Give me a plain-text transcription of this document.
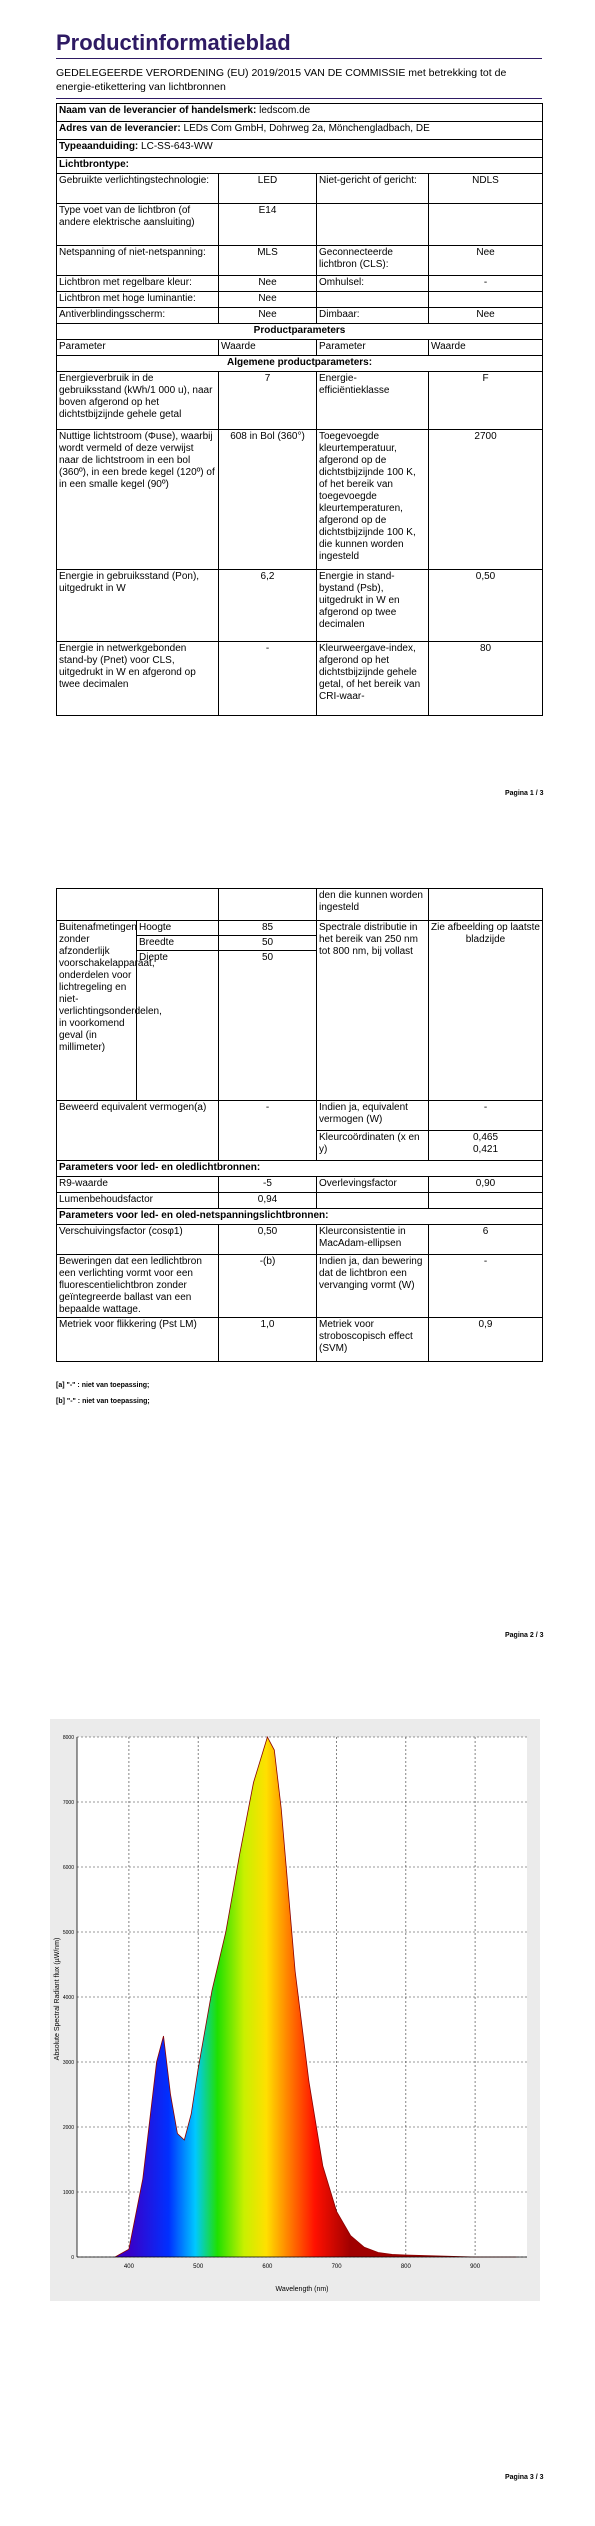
Productinformatieblad
GEDELEGEERDE VERORDENING (EU) 2019/2015 VAN DE COMMISSIE met betrekking tot de energie-etikettering van lichtbronnen
Naam van de leverancier of handelsmerk: ledscom.de			
Adres van de leverancier: LEDs Com GmbH, Dohrweg 2a, Mönchengladbach, DE			
Typeaanduiding: LC-SS-643-WW			
Lichtbrontype:			
Gebruikte verlichtingstechnologie:	LED	Niet-gericht of gericht:	NDLS
Type voet van de lichtbron (of andere elektrische aansluiting)	E14		
Netspanning of niet-netspanning:	MLS	Geconnecteerde lichtbron (CLS):	Nee
Lichtbron met regelbare kleur:	Nee	Omhulsel:	-
Lichtbron met hoge luminantie:	Nee		
Antiverblindingsscherm:	Nee	Dimbaar:	Nee
Productparameters			
Parameter	Waarde	Parameter	Waarde
Algemene productparameters:			
Energieverbruik in de gebruiksstand (kWh/1 000 u), naar boven afgerond op het dichtstbijzijnde gehele getal	7	Energie-efficiëntieklasse	F
Nuttige lichtstroom (Φuse), waarbij wordt vermeld of deze verwijst naar de lichtstroom in een bol (360º), in een brede kegel (120º) of in een smalle kegel (90º)	608 in Bol (360°)	Toegevoegde kleurtemperatuur, afgerond op de dichtstbijzijnde 100 K, of het bereik van toegevoegde kleurtemperaturen, afgerond op de dichtstbijzijnde 100 K, die kunnen worden ingesteld	2700
Energie in gebruiksstand (Pon), uitgedrukt in W	6,2	Energie in stand-bystand (Psb), uitgedrukt in W en afgerond op twee decimalen	0,50
Energie in netwerkgebonden stand-by (Pnet) voor CLS, uitgedrukt in W en afgerond op twee decimalen	-	Kleurweergave-index, afgerond op het dichtstbijzijnde gehele getal, of het bereik van CRI-waar-	80
Pagina 1 / 3
			den die kunnen worden ingesteld	
Buitenafmetingen zonder afzonderlijk voorschakelapparaat, onderdelen voor lichtregeling en niet-verlichtingsonderdelen, in voorkomend geval (in millimeter)	Hoogte	85	Spectrale distributie in het bereik van 250 nm tot 800 nm, bij vollast	Zie afbeelding op laatste bladzijde
	Breedte	50		
	Diepte	50		
Beweerd equivalent vermogen(a)		-	Indien ja, equivalent vermogen (W)	-
			Kleurcoördinaten (x en y)	0,465
0,421

Parameters voor led- en oledlichtbronnen:				
R9-waarde		-5	Overlevingsfactor	0,90
Lumenbehoudsfactor		0,94		
Parameters voor led- en oled-netspanningslichtbronnen:				
Verschuivingsfactor (cosφ1)		0,50	Kleurconsistentie in MacAdam-ellipsen	6
Beweringen dat een ledlichtbron een verlichting vormt voor een fluorescentielichtbron zonder geïntegreerde ballast van een bepaalde wattage.		-(b)	Indien ja, dan bewering dat de lichtbron een vervanging vormt (W)	-
Metriek voor flikkering (Pst LM)		1,0	Metriek voor stroboscopisch effect (SVM)	0,9
[a] "-" : niet van toepassing;
[b] "-" : niet van toepassing;
Pagina 2 / 3
400	500	600	700	800	900
0
1000
2000
3000
4000
5000
6000
7000
8000
Wavelength (nm)
Absolute Spectral Radiant flux (µW/nm)
Pagina 3 / 3
